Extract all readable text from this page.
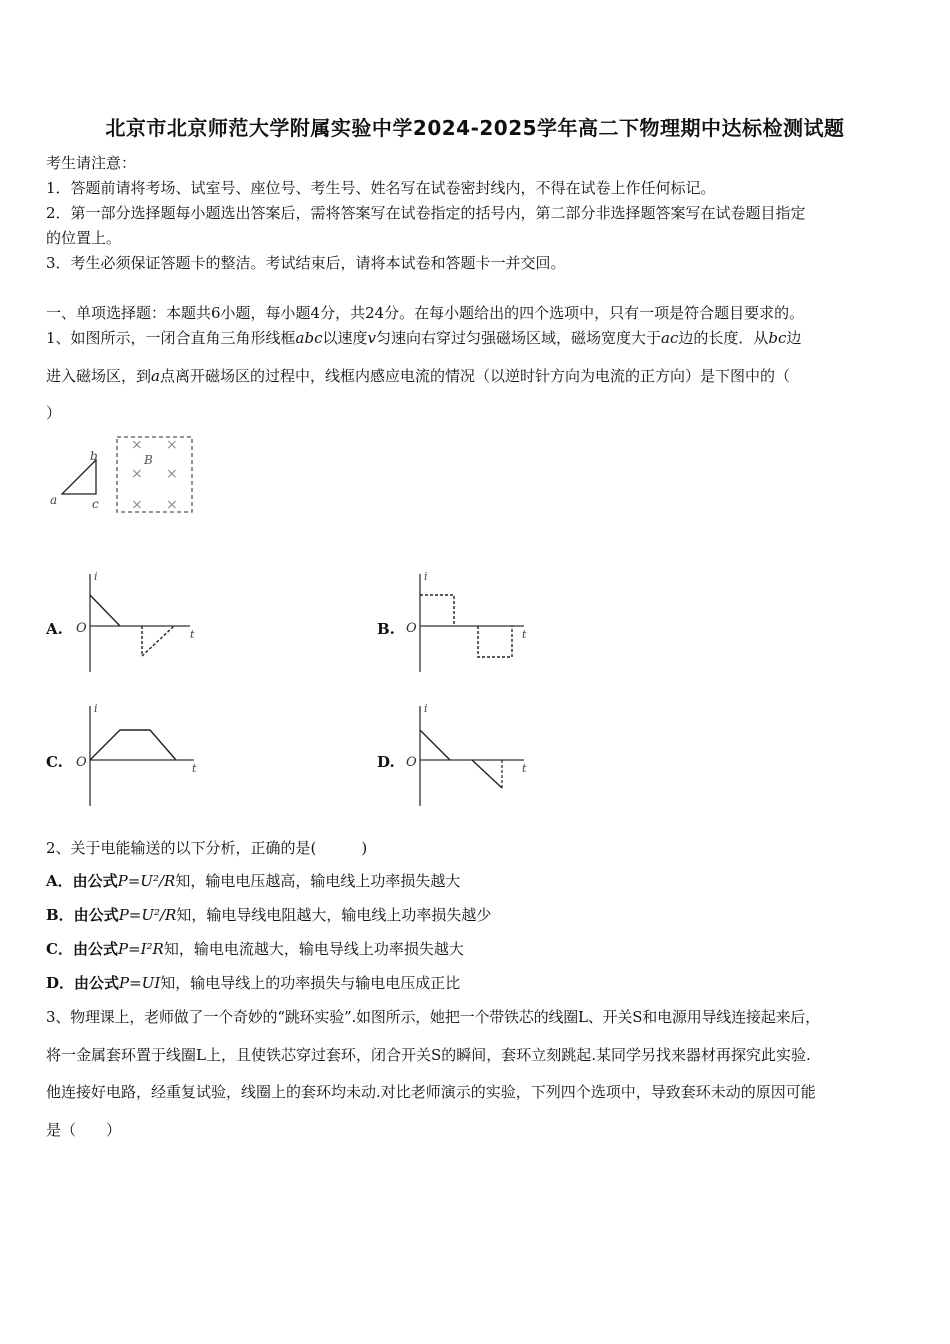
北京市北京师范大学附属实验中学2024-2025学年高二下物理期中达标检测试题
考生请注意：
1．答题前请将考场、试室号、座位号、考生号、姓名写在试卷密封线内，不得在试卷上作任何标记。
2．第一部分选择题每小题选出答案后，需将答案写在试卷指定的括号内，第二部分非选择题答案写在试卷题目指定
的位置上。
3．考生必须保证答题卡的整洁。考试结束后，请将本试卷和答题卡一并交回。
一、单项选择题：本题共6小题，每小题4分，共24分。在每小题给出的四个选项中，只有一项是符合题目要求的。
1、如图所示，一闭合直角三角形线框abc以速度v匀速向右穿过匀强磁场区域，磁场宽度大于ac边的长度．从bc边
进入磁场区，到a点离开磁场区的过程中，线框内感应电流的情况（以逆时针方向为电流的正方向）是下图中的（
）
a
b
c
B
× ×
× ×
× ×
A.
i
t
O	B.
i
t
O
C.
i
t
O	D.
i
t
O
2、关于电能输送的以下分析，正确的是(　　　)
A．由公式P=U²/R知，输电电压越高，输电线上功率损失越大
B．由公式P=U²/R知，输电导线电阻越大，输电线上功率损失越少
C．由公式P=I²R知，输电电流越大，输电导线上功率损失越大
D．由公式P=UI知，输电导线上的功率损失与输电电压成正比
3、物理课上，老师做了一个奇妙的“跳环实验”.如图所示，她把一个带铁芯的线圈L、开关S和电源用导线连接起来后，
将一金属套环置于线圈L上，且使铁芯穿过套环，闭合开关S的瞬间，套环立刻跳起.某同学另找来器材再探究此实验.
他连接好电路，经重复试验，线圈上的套环均未动.对比老师演示的实验，下列四个选项中，导致套环未动的原因可能
是（　　）
